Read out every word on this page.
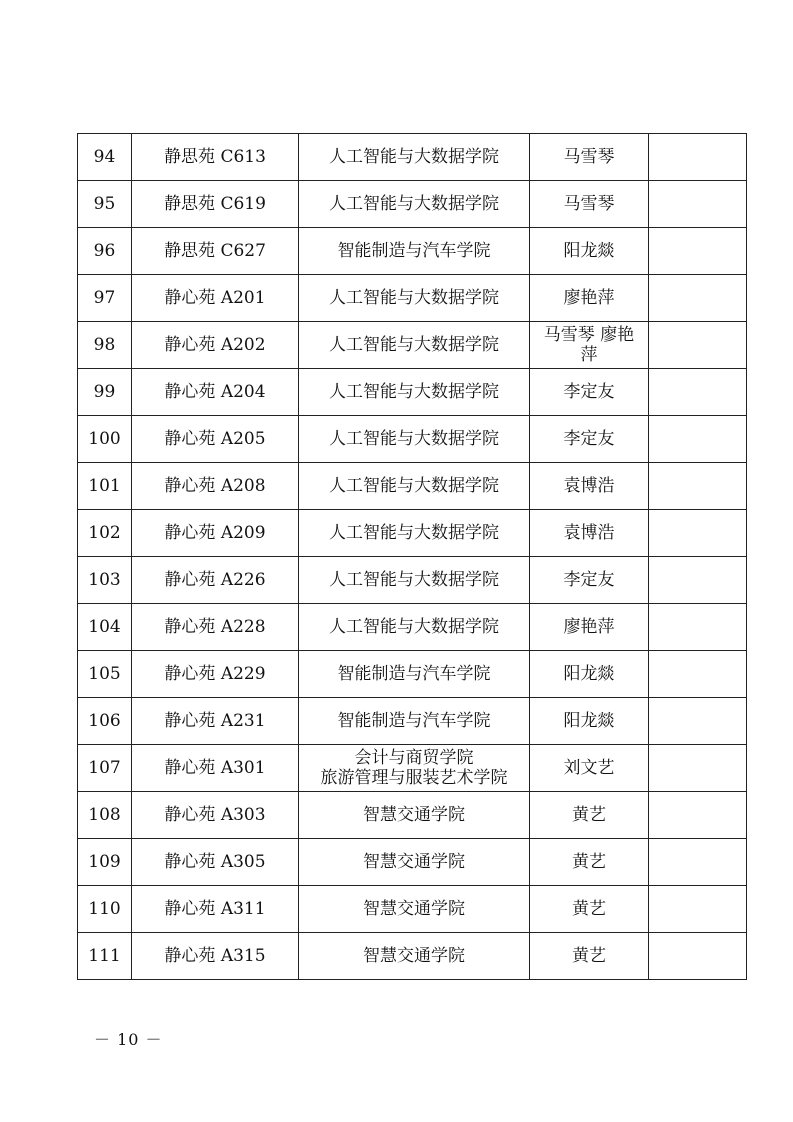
94	静思苑 C613	人工智能与大数据学院	马雪琴	

95	静思苑 C619	人工智能与大数据学院	马雪琴	

96	静思苑 C627	智能制造与汽车学院	阳龙燚	

97	静心苑 A201	人工智能与大数据学院	廖艳萍	

98	静心苑 A202	人工智能与大数据学院	马雪琴 廖艳
萍	

99	静心苑 A204	人工智能与大数据学院	李定友	

100	静心苑 A205	人工智能与大数据学院	李定友	

101	静心苑 A208	人工智能与大数据学院	袁博浩	

102	静心苑 A209	人工智能与大数据学院	袁博浩	

103	静心苑 A226	人工智能与大数据学院	李定友	

104	静心苑 A228	人工智能与大数据学院	廖艳萍	

105	静心苑 A229	智能制造与汽车学院	阳龙燚	

106	静心苑 A231	智能制造与汽车学院	阳龙燚	

107	静心苑 A301	会计与商贸学院
旅游管理与服装艺术学院	刘文艺	

108	静心苑 A303	智慧交通学院	黄艺	

109	静心苑 A305	智慧交通学院	黄艺	

110	静心苑 A311	智慧交通学院	黄艺	

111	静心苑 A315	智慧交通学院	黄艺	

－ 10 －
